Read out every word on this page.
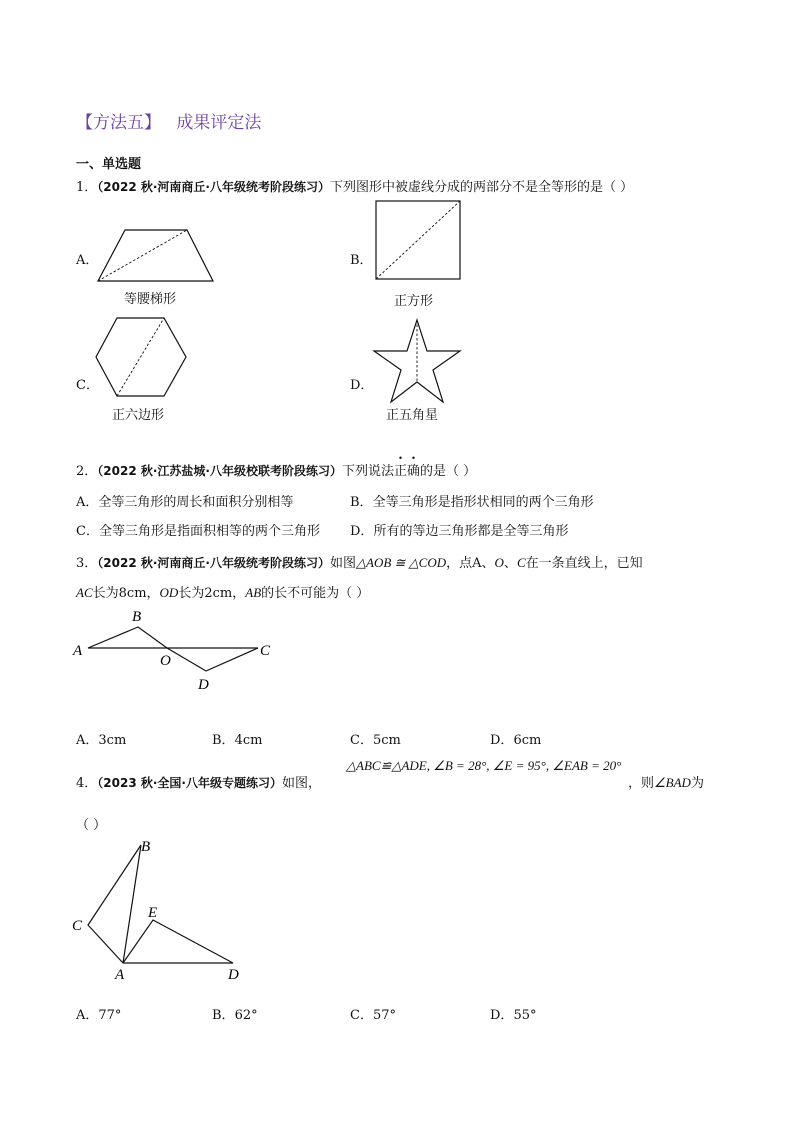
【方法五】 成果评定法
一、单选题
1．（2022 秋·河南商丘·八年级统考阶段练习）下列图形中被虚线分成的两部分不是全等形的是（ ）
A．
等腰梯形
B．
正方形
C．
正六边形
D．
正五角星
2．（2022 秋·江苏盐城·八年级校联考阶段练习）下列说法正确的是（ ）
A．全等三角形的周长和面积分别相等	B．全等三角形是指形状相同的两个三角形
C．全等三角形是指面积相等的两个三角形 D．所有的等边三角形都是全等三角形
3．（2022 秋·河南商丘·八年级统考阶段练习）如图△AOB ≅ △COD，点A、O、C在一条直线上，已知
AC长为8cm，OD长为2cm，AB的长不可能为（ ）
A
B
O
C
D
A．3cm	B．4cm	C．5cm	D．6cm
4．（2023 秋·全国·八年级专题练习）如图，
△ABC≌△ADE, ∠B = 28°, ∠E = 95°, ∠EAB = 20°
，则∠BAD为
（ ）
B
C
E
A	D
A．77°	B．62°	C．57°	D．55°
